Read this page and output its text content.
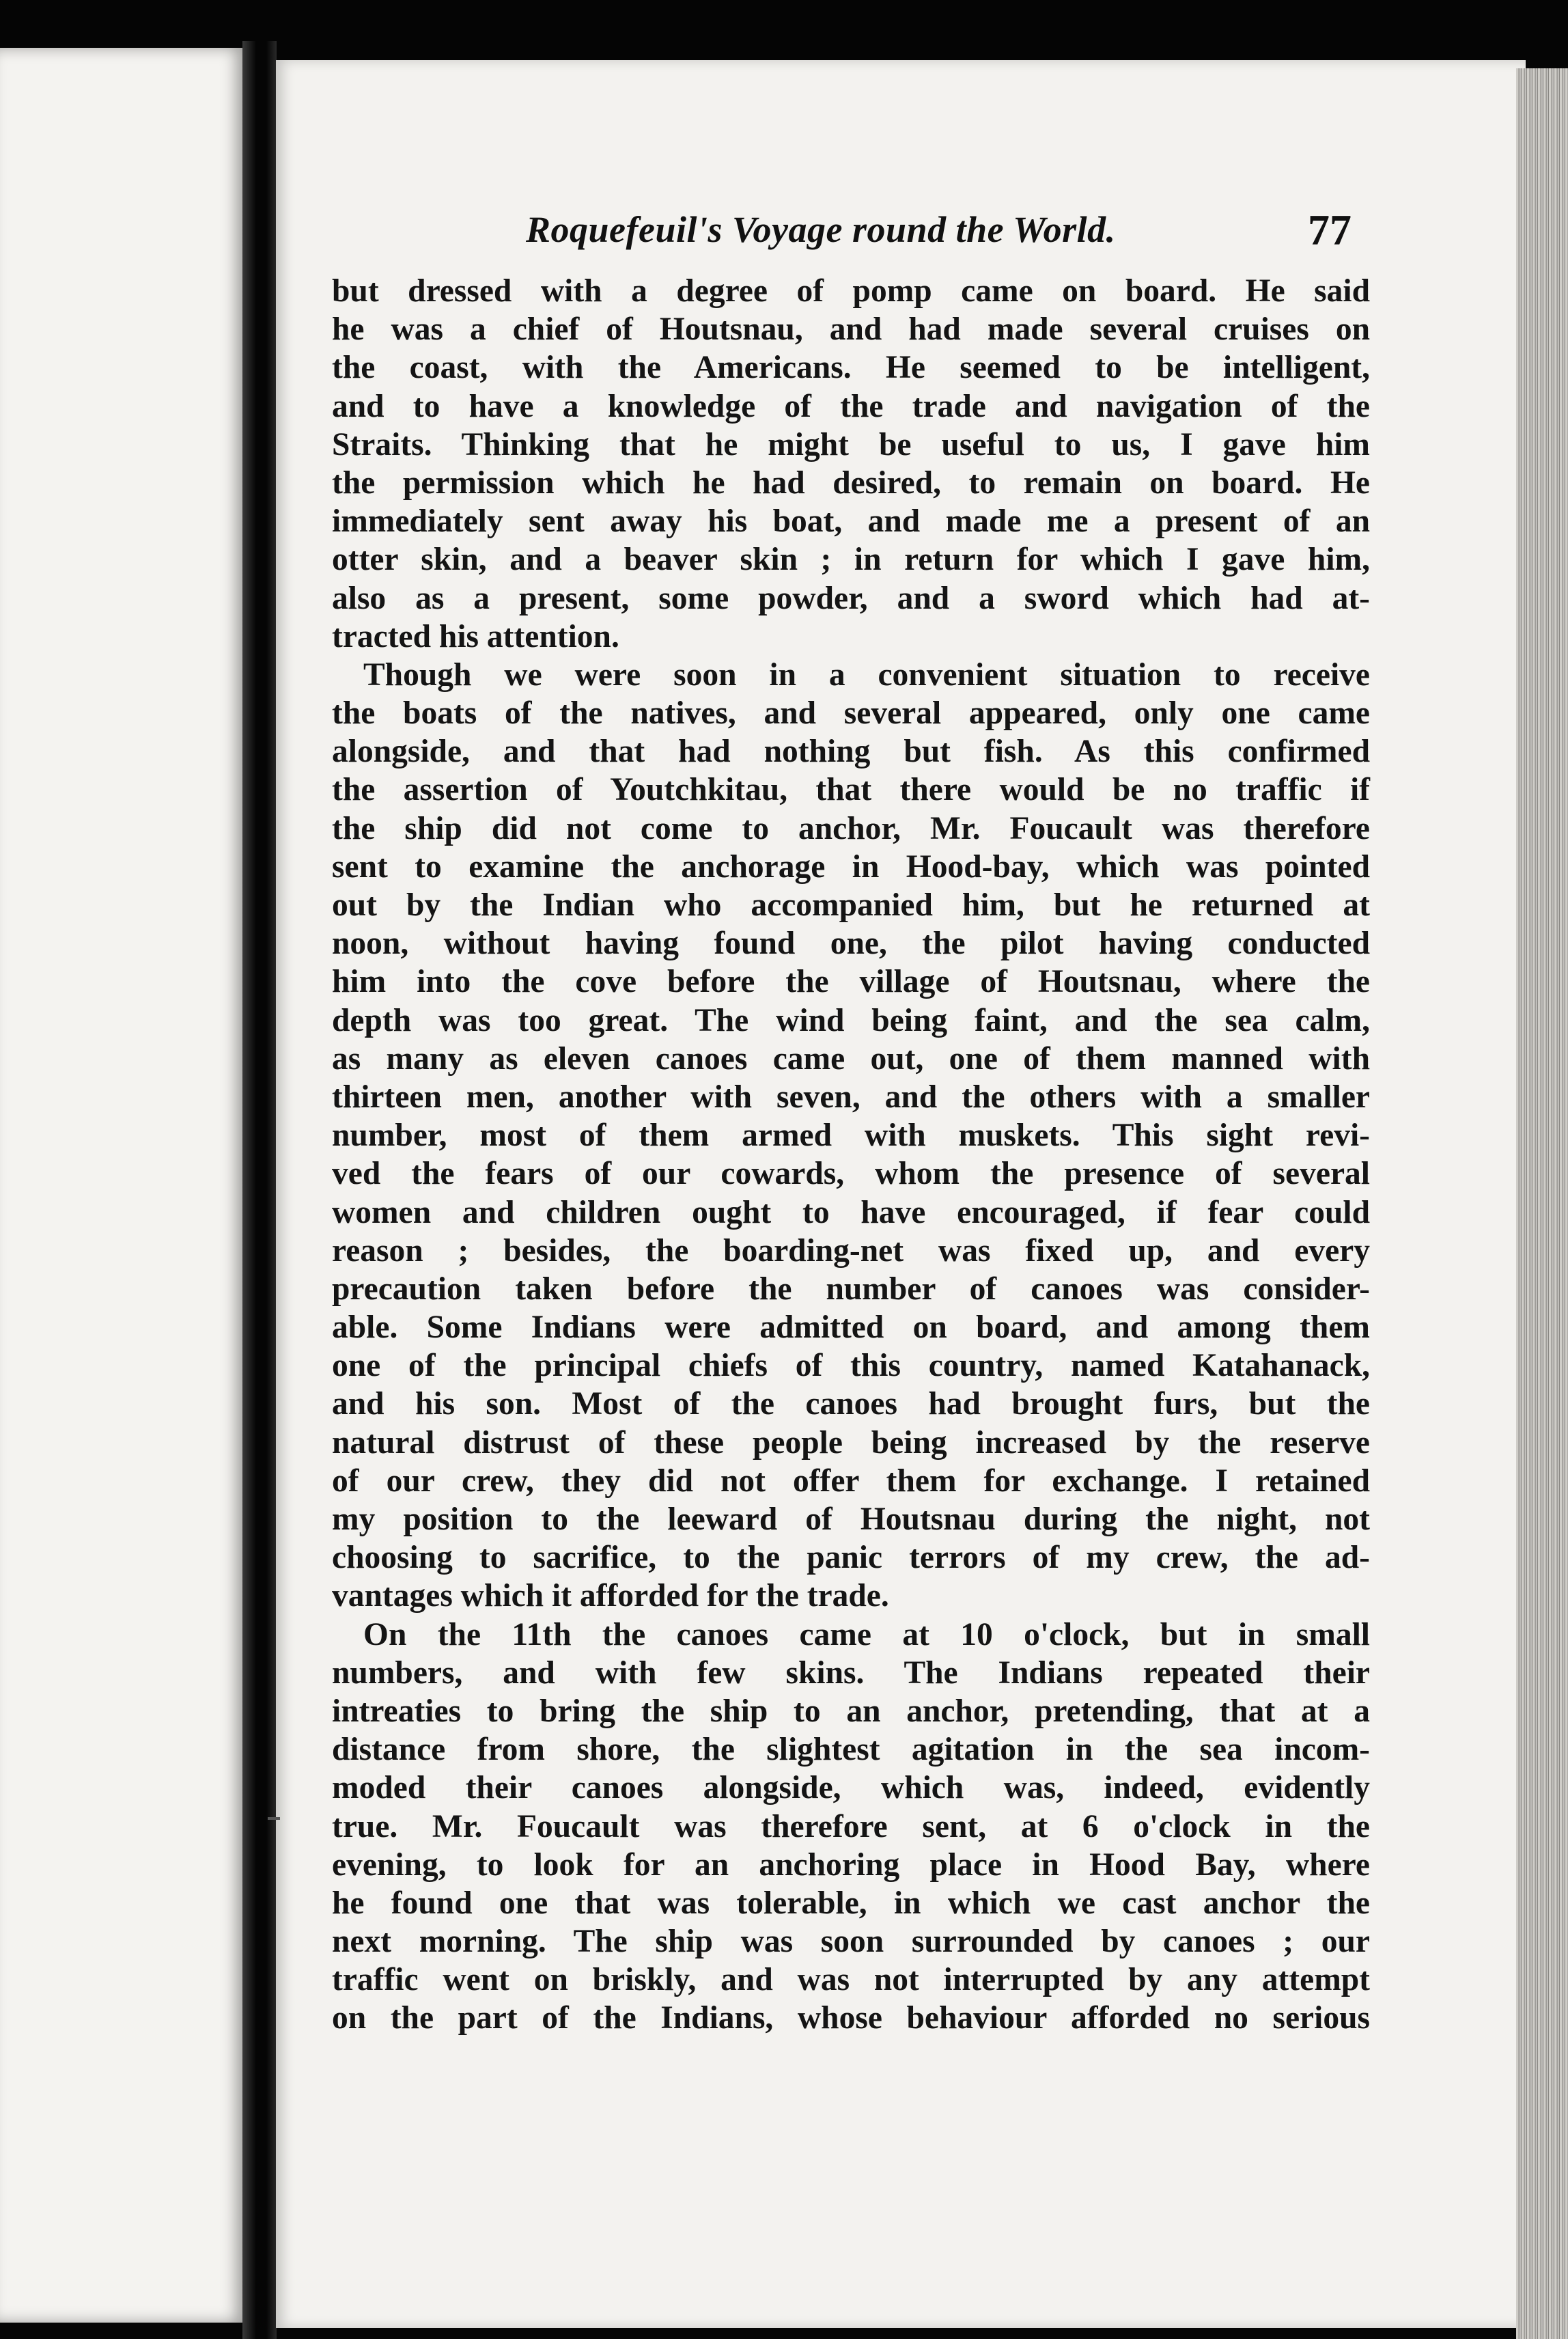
Roquefeuil's Voyage round the World.	77
but dressed with a degree of pomp came on board. He said
he was a chief of Houtsnau, and had made several cruises on
the coast, with the Americans. He seemed to be intelligent,
and to have a knowledge of the trade and navigation of the
Straits. Thinking that he might be useful to us, I gave him
the permission which he had desired, to remain on board. He
immediately sent away his boat, and made me a present of an
otter skin, and a beaver skin ; in return for which I gave him,
also as a present, some powder, and a sword which had at-
tracted his attention.
Though we were soon in a convenient situation to receive
the boats of the natives, and several appeared, only one came
alongside, and that had nothing but fish. As this confirmed
the assertion of Youtchkitau, that there would be no traffic if
the ship did not come to anchor, Mr. Foucault was therefore
sent to examine the anchorage in Hood-bay, which was pointed
out by the Indian who accompanied him, but he returned at
noon, without having found one, the pilot having conducted
him into the cove before the village of Houtsnau, where the
depth was too great. The wind being faint, and the sea calm,
as many as eleven canoes came out, one of them manned with
thirteen men, another with seven, and the others with a smaller
number, most of them armed with muskets. This sight revi-
ved the fears of our cowards, whom the presence of several
women and children ought to have encouraged, if fear could
reason ; besides, the boarding-net was fixed up, and every
precaution taken before the number of canoes was consider-
able. Some Indians were admitted on board, and among them
one of the principal chiefs of this country, named Katahanack,
and his son. Most of the canoes had brought furs, but the
natural distrust of these people being increased by the reserve
of our crew, they did not offer them for exchange. I retained
my position to the leeward of Houtsnau during the night, not
choosing to sacrifice, to the panic terrors of my crew, the ad-
vantages which it afforded for the trade.
On the 11th the canoes came at 10 o'clock, but in small
numbers, and with few skins. The Indians repeated their
intreaties to bring the ship to an anchor, pretending, that at a
distance from shore, the slightest agitation in the sea incom-
moded their canoes alongside, which was, indeed, evidently
true. Mr. Foucault was therefore sent, at 6 o'clock in the
evening, to look for an anchoring place in Hood Bay, where
he found one that was tolerable, in which we cast anchor the
next morning. The ship was soon surrounded by canoes ; our
traffic went on briskly, and was not interrupted by any attempt
on the part of the Indians, whose behaviour afforded no serious
